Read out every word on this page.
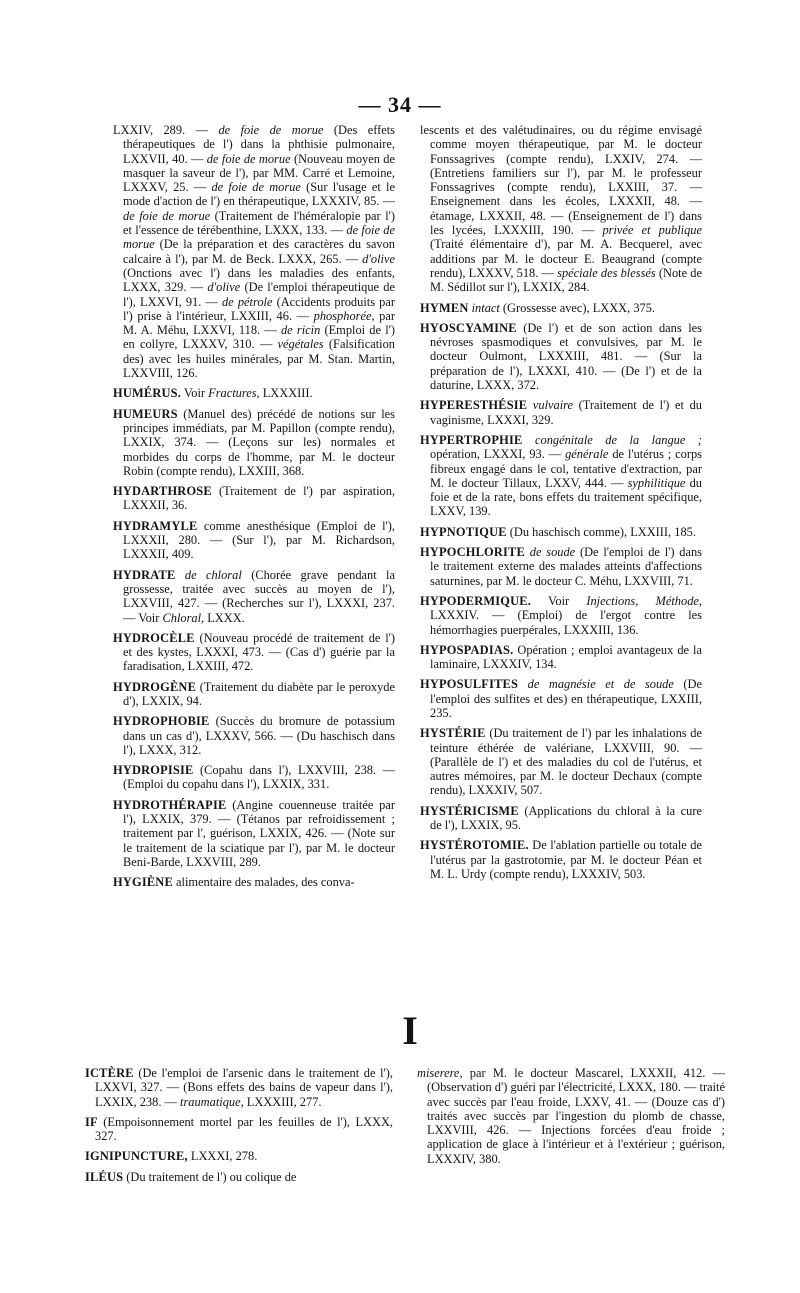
— 34 —

LXXIV, 289. — de foie de morue (Des effets thérapeutiques de l') dans la phthisie pulmonaire, LXXVII, 40. — de foie de morue (Nouveau moyen de masquer la saveur de l'), par MM. Carré et Lemoine, LXXXV, 25. — de foie de morue (Sur l'usage et le mode d'action de l') en thérapeutique, LXXXIV, 85. — de foie de morue (Traitement de l'héméralopie par l') et l'essence de térébenthine, LXXX, 133. — de foie de morue (De la préparation et des caractères du savon calcaire à l'), par M. de Beck. LXXX, 265. — d'olive (Onctions avec l') dans les maladies des enfants, LXXX, 329. — d'olive (De l'emploi thérapeutique de l'), LXXVI, 91. — de pétrole (Accidents produits par l') prise à l'intérieur, LXXIII, 46. — phosphorée, par M. A. Méhu, LXXVI, 118. — de ricin (Emploi de l') en collyre, LXXXV, 310. — végétales (Falsification des) avec les huiles minérales, par M. Stan. Martin, LXXVIII, 126.

HUMÉRUS. Voir Fractures, LXXXIII.

HUMEURS (Manuel des) précédé de notions sur les principes immédiats, par M. Papillon (compte rendu), LXXIX, 374. — (Leçons sur les) normales et morbides du corps de l'homme, par M. le docteur Robin (compte rendu), LXXIII, 368.

HYDARTHROSE (Traitement de l') par aspiration, LXXXII, 36.

HYDRAMYLE comme anesthésique (Emploi de l'), LXXXII, 280. — (Sur l'), par M. Richardson, LXXXII, 409.

HYDRATE de chloral (Chorée grave pendant la grossesse, traitée avec succès au moyen de l'), LXXVIII, 427. — (Recherches sur l'), LXXXI, 237. — Voir Chloral, LXXX.

HYDROCÈLE (Nouveau procédé de traitement de l') et des kystes, LXXXI, 473. — (Cas d') guérie par la faradisation, LXXIII, 472.

HYDROGÈNE (Traitement du diabète par le peroxyde d'), LXXIX, 94.

HYDROPHOBIE (Succès du bromure de potassium dans un cas d'), LXXXV, 566. — (Du haschisch dans l'), LXXX, 312.

HYDROPISIE (Copahu dans l'), LXXVIII, 238. — (Emploi du copahu dans l'), LXXIX, 331.

HYDROTHÉRAPIE (Angine couenneuse traitée par l'), LXXIX, 379. — (Tétanos par refroidissement ; traitement par l', guérison, LXXIX, 426. — (Note sur le traitement de la sciatique par l'), par M. le docteur Beni-Barde, LXXVIII, 289.

HYGIÈNE alimentaire des malades, des conva-

lescents et des valétudinaires, ou du régime envisagé comme moyen thérapeutique, par M. le docteur Fonssagrives (compte rendu), LXXIV, 274. — (Entretiens familiers sur l'), par M. le professeur Fonssagrives (compte rendu), LXXIII, 37. — Enseignement dans les écoles, LXXXII, 48. — étamage, LXXXII, 48. — (Enseignement de l') dans les lycées, LXXXIII, 190. — privée et publique (Traité élémentaire d'), par M. A. Becquerel, avec additions par M. le docteur E. Beaugrand (compte rendu), LXXXV, 518. — spéciale des blessés (Note de M. Sédillot sur l'), LXXIX, 284.

HYMEN intact (Grossesse avec), LXXX, 375.

HYOSCYAMINE (De l') et de son action dans les névroses spasmodiques et convulsives, par M. le docteur Oulmont, LXXXIII, 481. — (Sur la préparation de l'), LXXXI, 410. — (De l') et de la daturine, LXXX, 372.

HYPERESTHÉSIE vulvaire (Traitement de l') et du vaginisme, LXXXI, 329.

HYPERTROPHIE congénitale de la langue ; opération, LXXXI, 93. — générale de l'utérus ; corps fibreux engagé dans le col, tentative d'extraction, par M. le docteur Tillaux, LXXV, 444. — syphilitique du foie et de la rate, bons effets du traitement spécifique, LXXV, 139.

HYPNOTIQUE (Du haschisch comme), LXXIII, 185.

HYPOCHLORITE de soude (De l'emploi de l') dans le traitement externe des malades atteints d'affections saturnines, par M. le docteur C. Méhu, LXXVIII, 71.

HYPODERMIQUE. Voir Injections, Méthode, LXXXIV. — (Emploi) de l'ergot contre les hémorrhagies puerpérales, LXXXIII, 136.

HYPOSPADIAS. Opération ; emploi avantageux de la laminaire, LXXXIV, 134.

HYPOSULFITES de magnésie et de soude (De l'emploi des sulfites et des) en thérapeutique, LXXIII, 235.

HYSTÉRIE (Du traitement de l') par les inhalations de teinture éthérée de valériane, LXXVIII, 90. — (Parallèle de l') et des maladies du col de l'utérus, et autres mémoires, par M. le docteur Dechaux (compte rendu), LXXXIV, 507.

HYSTÉRICISME (Applications du chloral à la cure de l'), LXXIX, 95.

HYSTÉROTOMIE. De l'ablation partielle ou totale de l'utérus par la gastrotomie, par M. le docteur Péan et M. L. Urdy (compte rendu), LXXXIV, 503.

I

ICTÈRE (De l'emploi de l'arsenic dans le traitement de l'), LXXVI, 327. — (Bons effets des bains de vapeur dans l'), LXXIX, 238. — traumatique, LXXXIII, 277.

IF (Empoisonnement mortel par les feuilles de l'), LXXX, 327.

IGNIPUNCTURE, LXXXI, 278.

ILÉUS (Du traitement de l') ou colique de

miserere, par M. le docteur Mascarel, LXXXII, 412. — (Observation d') guéri par l'électricité, LXXX, 180. — traité avec succès par l'eau froide, LXXV, 41. — (Douze cas d') traités avec succès par l'ingestion du plomb de chasse, LXXVIII, 426. — Injections forcées d'eau froide ; application de glace à l'intérieur et à l'extérieur ; guérison, LXXXIV, 380.
